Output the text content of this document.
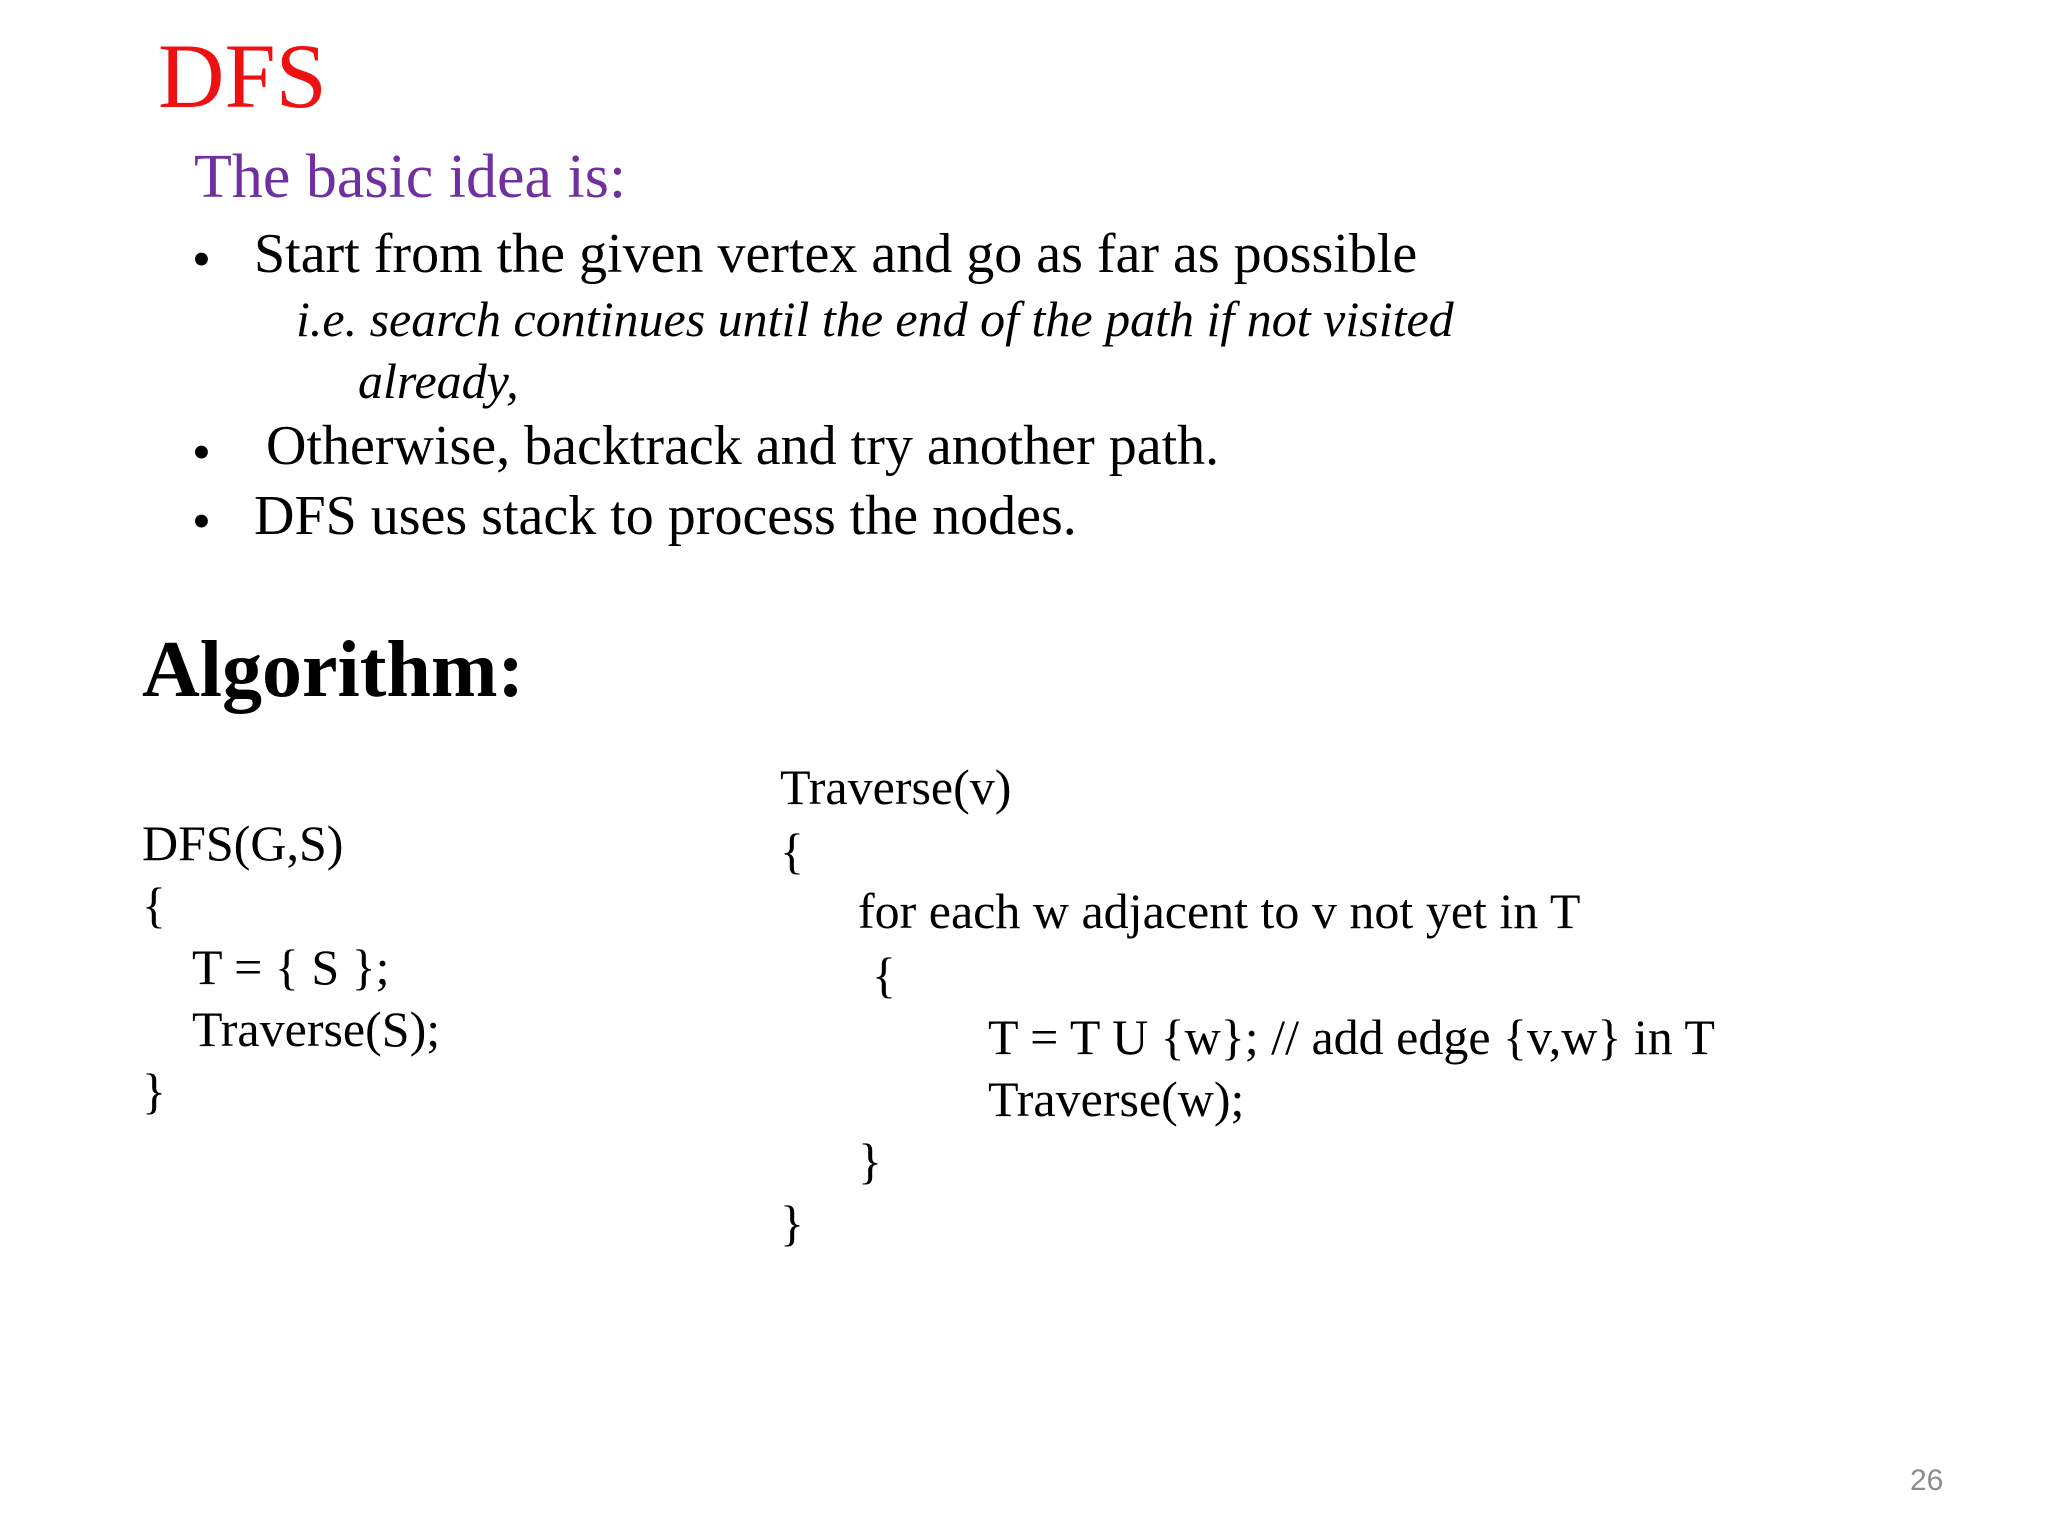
DFS
The basic idea is:
• Start from the given vertex and go as far as possible
i.e. search continues until the end of the path if not visited
already,
• Otherwise, backtrack and try another path.
• DFS uses stack to process the nodes.
Algorithm:
DFS(G,S)
{
T = { S };
Traverse(S);
}
Traverse(v)
{
for each w adjacent to v not yet in T
{
T = T U {w}; // add edge {v,w} in T
Traverse(w);
}
}
26
